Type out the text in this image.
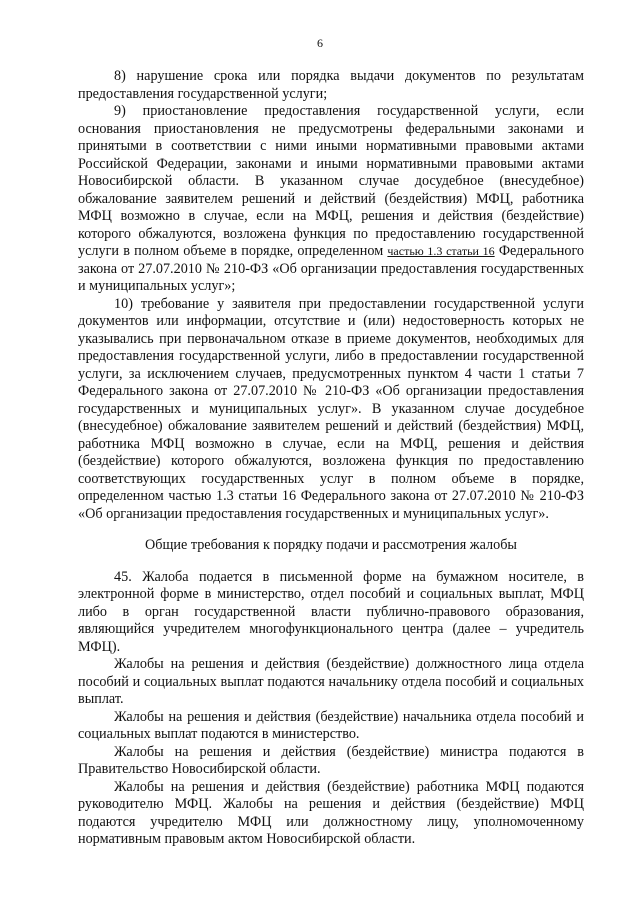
6

8) нарушение срока или порядка выдачи документов по результатам предоставления государственной услуги;

9) приостановление предоставления государственной услуги, если основания приостановления не предусмотрены федеральными законами и принятыми в соответствии с ними иными нормативными правовыми актами Российской Федерации, законами и иными нормативными правовыми актами Новосибирской области. В указанном случае досудебное (внесудебное) обжалование заявителем решений и действий (бездействия) МФЦ, работника МФЦ возможно в случае, если на МФЦ, решения и действия (бездействие) которого обжалуются, возложена функция по предоставлению государственной услуги в полном объеме в порядке, определенном частью 1.3 статьи 16 Федерального закона от 27.07.2010 № 210-ФЗ «Об организации предоставления государственных и муниципальных услуг»;

10) требование у заявителя при предоставлении государственной услуги документов или информации, отсутствие и (или) недостоверность которых не указывались при первоначальном отказе в приеме документов, необходимых для предоставления государственной услуги, либо в предоставлении государственной услуги, за исключением случаев, предусмотренных пунктом 4 части 1 статьи 7 Федерального закона от 27.07.2010 № 210-ФЗ «Об организации предоставления государственных и муниципальных услуг». В указанном случае досудебное (внесудебное) обжалование заявителем решений и действий (бездействия) МФЦ, работника МФЦ возможно в случае, если на МФЦ, решения и действия (бездействие) которого обжалуются, возложена функция по предоставлению соответствующих государственных услуг в полном объеме в порядке, определенном частью 1.3 статьи 16 Федерального закона от 27.07.2010 № 210-ФЗ «Об организации предоставления государственных и муниципальных услуг».

Общие требования к порядку подачи и рассмотрения жалобы

45. Жалоба подается в письменной форме на бумажном носителе, в электронной форме в министерство, отдел пособий и социальных выплат, МФЦ либо в орган государственной власти публично-правового образования, являющийся учредителем многофункционального центра (далее – учредитель МФЦ).

Жалобы на решения и действия (бездействие) должностного лица отдела пособий и социальных выплат подаются начальнику отдела пособий и социальных выплат.

Жалобы на решения и действия (бездействие) начальника отдела пособий и социальных выплат подаются в министерство.

Жалобы на решения и действия (бездействие) министра подаются в Правительство Новосибирской области.

Жалобы на решения и действия (бездействие) работника МФЦ подаются руководителю МФЦ. Жалобы на решения и действия (бездействие) МФЦ подаются учредителю МФЦ или должностному лицу, уполномоченному нормативным правовым актом Новосибирской области.
